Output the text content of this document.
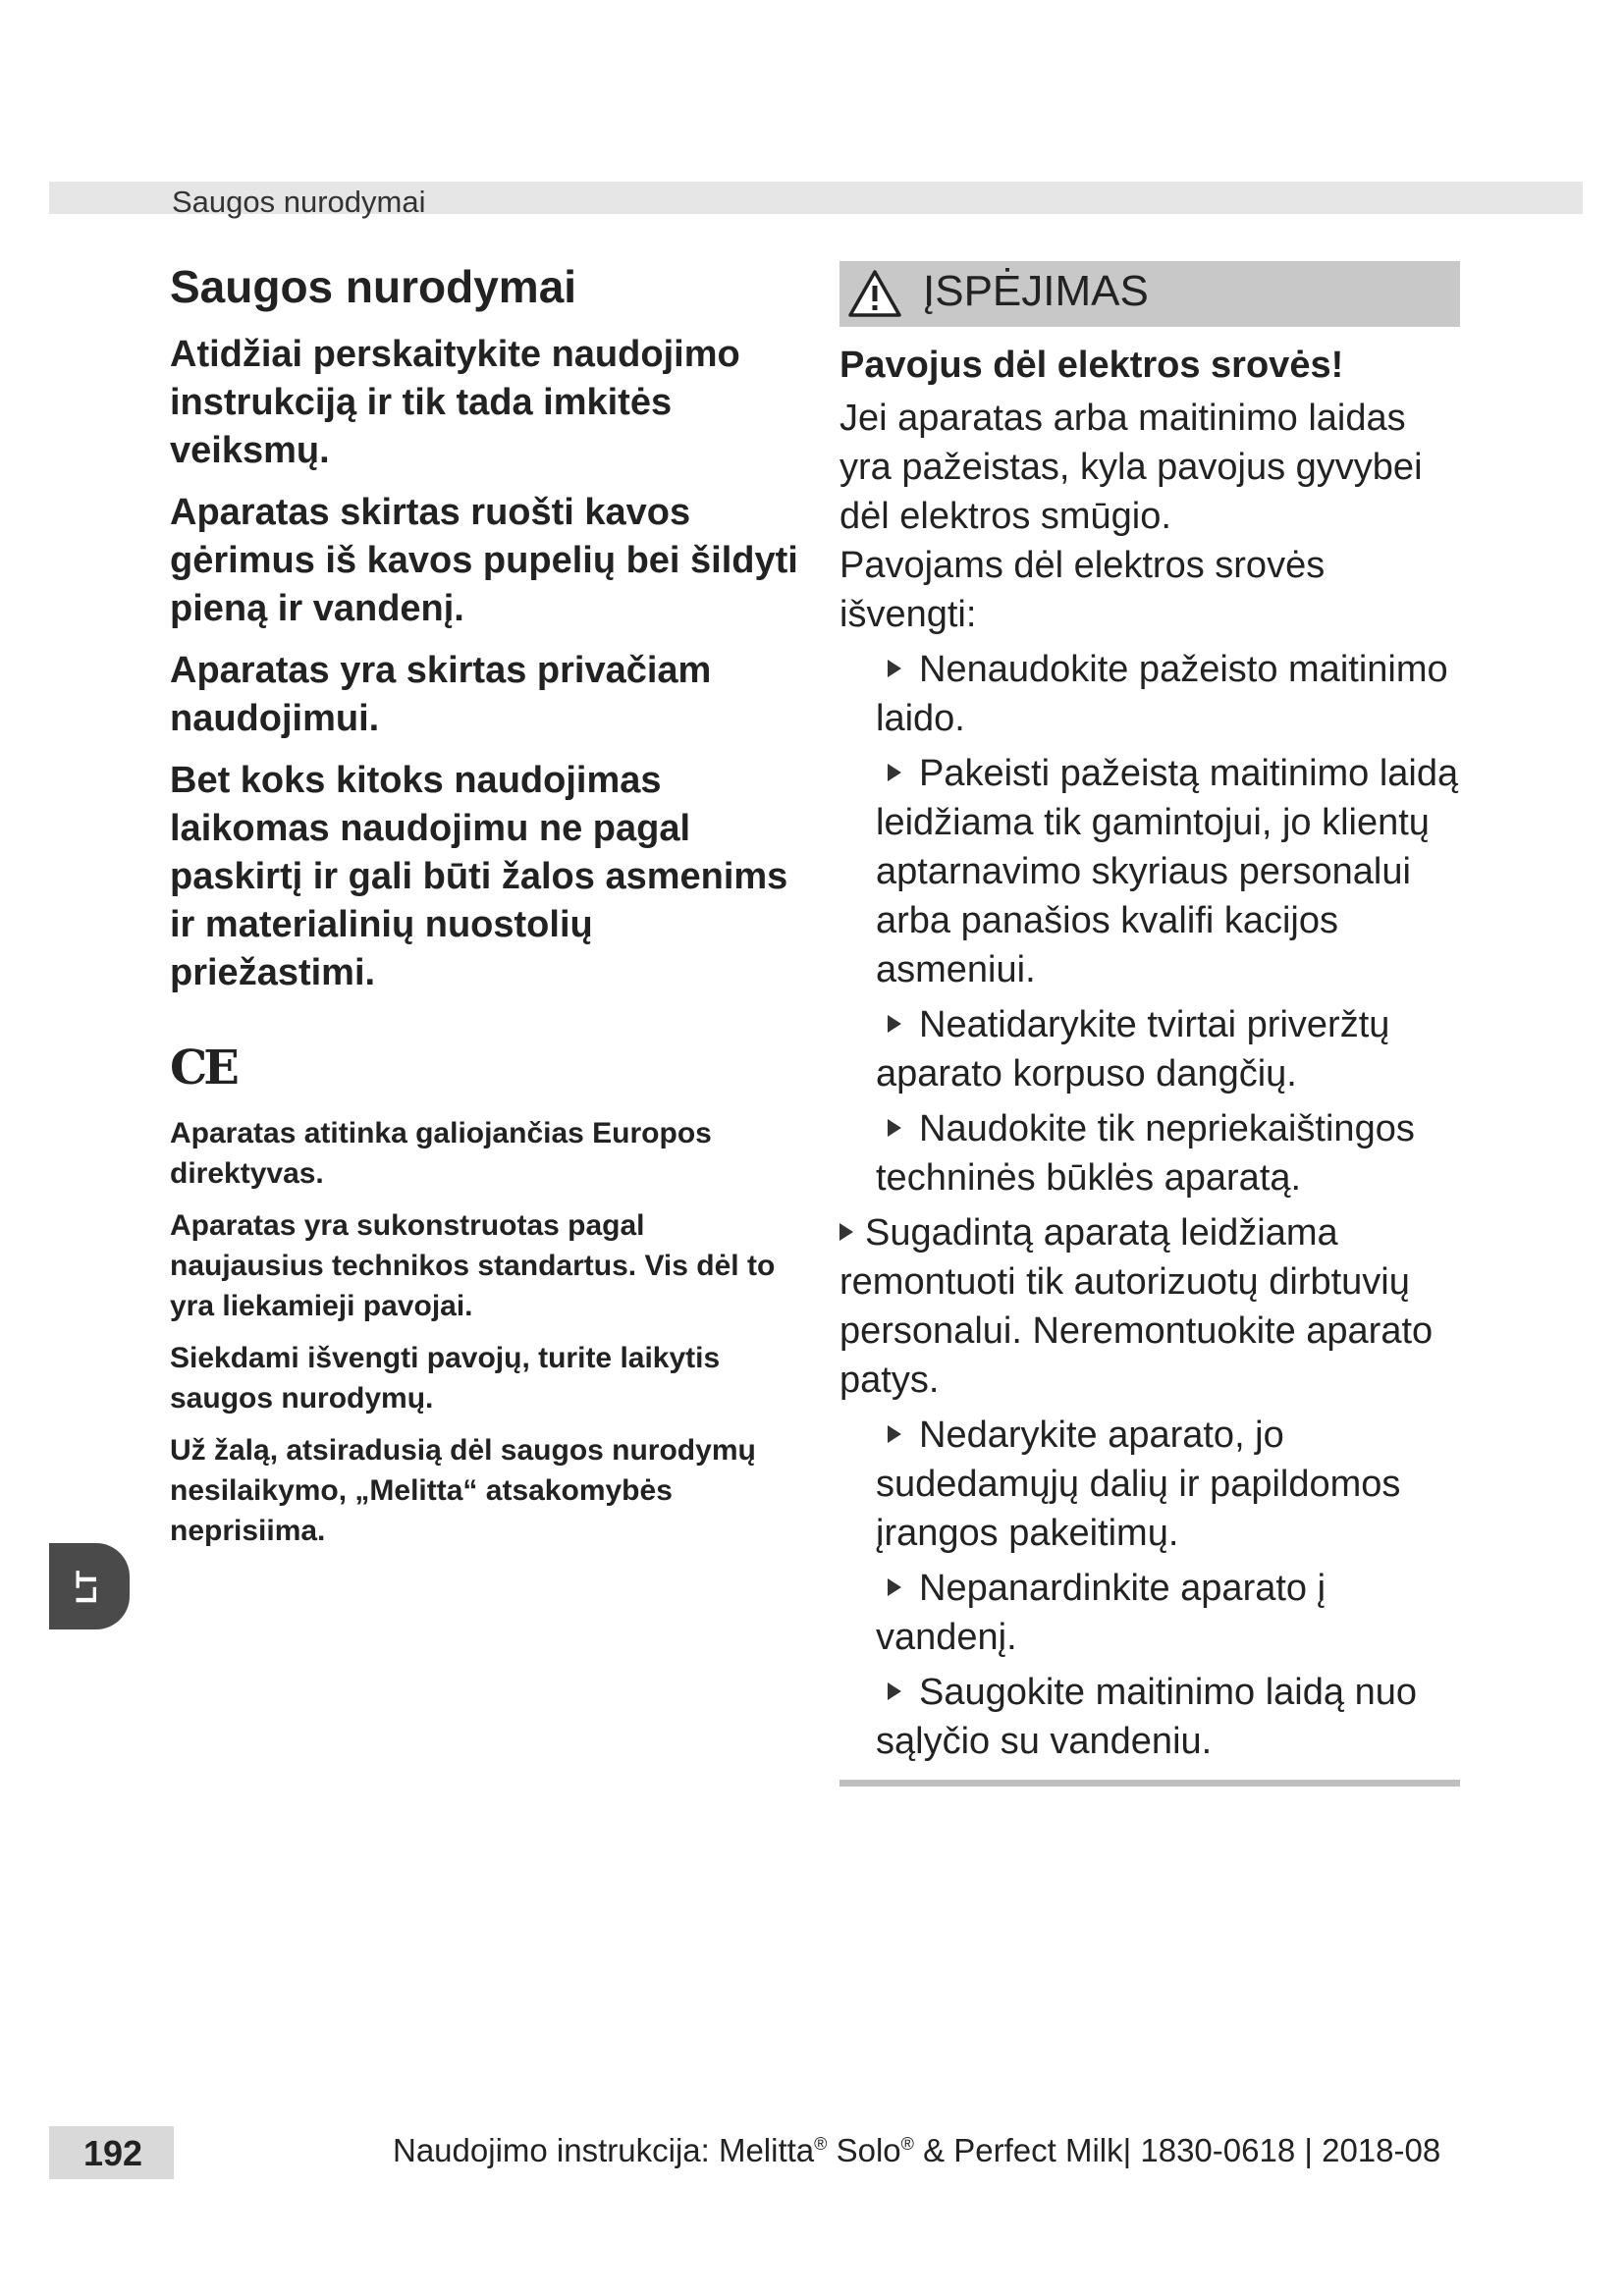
Saugos nurodymai
Saugos nurodymai

Atidžiai perskaitykite naudojimo instrukciją ir tik tada imkitės veiksmų.

Aparatas skirtas ruošti kavos gėrimus iš kavos pupelių bei šildyti pieną ir vandenį.

Aparatas yra skirtas privačiam naudojimui.

Bet koks kitoks naudojimas laikomas naudojimu ne pagal paskirtį ir gali būti žalos asmenims ir materialinių nuostolių priežastimi.

CE

Aparatas atitinka galiojančias Europos direktyvas.

Aparatas yra sukonstruotas pagal naujausius technikos standartus. Vis dėl to yra liekamieji pavojai.

Siekdami išvengti pavojų, turite laikytis saugos nurodymų.

Už žalą, atsiradusią dėl saugos nurodymų nesilaikymo, „Melitta“ atsakomybės neprisiima.

LT
ĮSPĖJIMAS

Pavojus dėl elektros srovės!

Jei aparatas arba maitinimo laidas yra pažeistas, kyla pavojus gyvybei dėl elektros smūgio.

Pavojams dėl elektros srovės išvengti:

Nenaudokite pažeisto maitinimo laido.
Pakeisti pažeistą maitinimo laidą leidžiama tik gamintojui, jo klientų aptarnavimo skyriaus personalui arba panašios kvalifi kacijos asmeniui.
Neatidarykite tvirtai priveržtų aparato korpuso dangčių.
Naudokite tik nepriekaištingos techninės būklės aparatą.
Sugadintą aparatą leidžiama remontuoti tik autorizuotų dirbtuvių personalui. Neremontuokite aparato patys.
Nedarykite aparato, jo sudedamųjų dalių ir papildomos įrangos pakeitimų.
Nepanardinkite aparato į vandenį.
Saugokite maitinimo laidą nuo sąlyčio su vandeniu.
192	Naudojimo instrukcija: Melitta® Solo® & Perfect Milk| 1830-0618 | 2018-08
